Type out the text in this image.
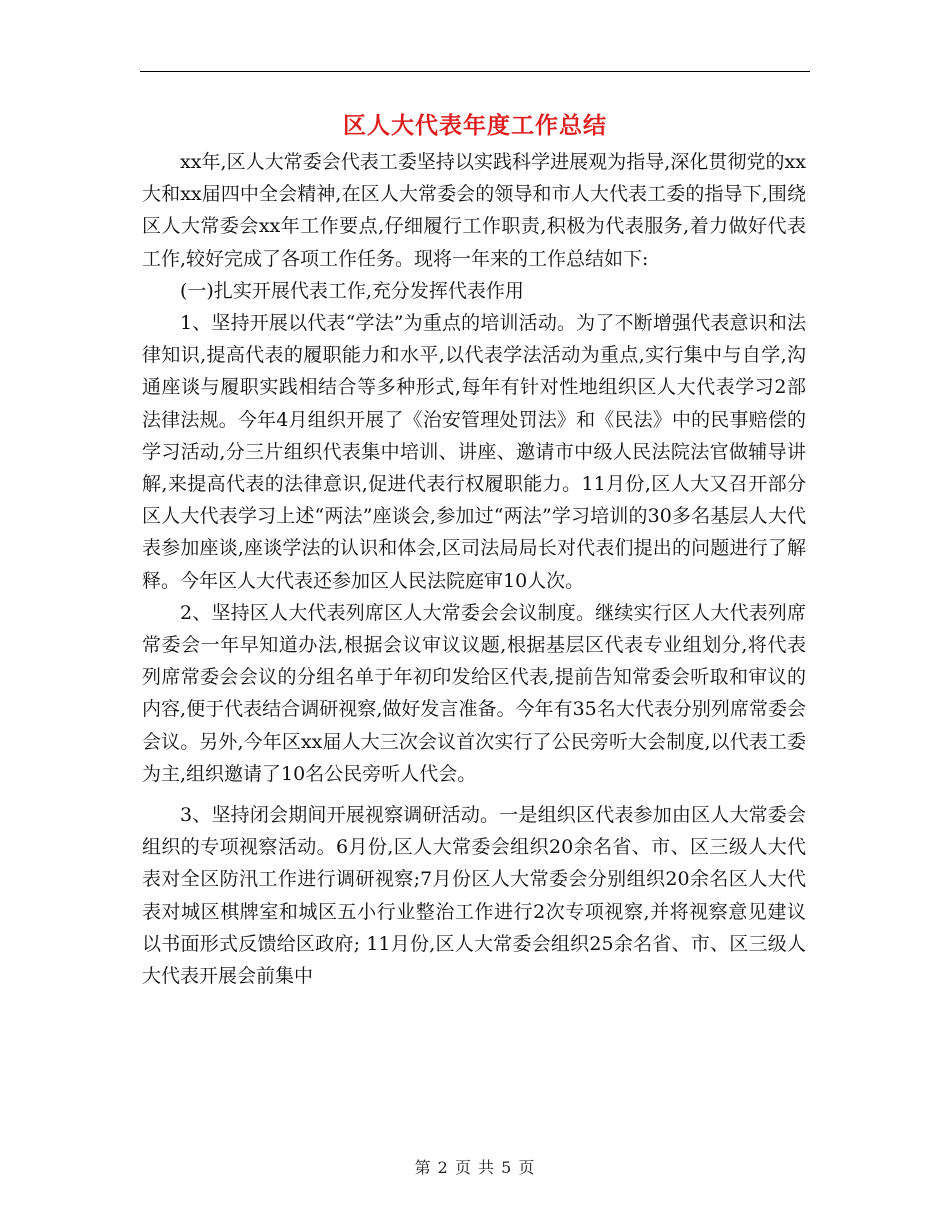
区人大代表年度工作总结

xx年,区人大常委会代表工委坚持以实践科学进展观为指导,深化贯彻党的xx大和xx届四中全会精神,在区人大常委会的领导和市人大代表工委的指导下,围绕区人大常委会xx年工作要点,仔细履行工作职责,积极为代表服务,着力做好代表工作,较好完成了各项工作任务。现将一年来的工作总结如下:

(一)扎实开展代表工作,充分发挥代表作用

1、坚持开展以代表“学法”为重点的培训活动。为了不断增强代表意识和法律知识,提高代表的履职能力和水平,以代表学法活动为重点,实行集中与自学,沟通座谈与履职实践相结合等多种形式,每年有针对性地组织区人大代表学习2部法律法规。今年4月组织开展了《治安管理处罚法》和《民法》中的民事赔偿的学习活动,分三片组织代表集中培训、讲座、邀请市中级人民法院法官做辅导讲解,来提高代表的法律意识,促进代表行权履职能力。11月份,区人大又召开部分区人大代表学习上述“两法”座谈会,参加过“两法”学习培训的30多名基层人大代表参加座谈,座谈学法的认识和体会,区司法局局长对代表们提出的问题进行了解释。今年区人大代表还参加区人民法院庭审10人次。

2、坚持区人大代表列席区人大常委会会议制度。继续实行区人大代表列席常委会一年早知道办法,根据会议审议议题,根据基层区代表专业组划分,将代表列席常委会会议的分组名单于年初印发给区代表,提前告知常委会听取和审议的内容,便于代表结合调研视察,做好发言准备。今年有35名大代表分别列席常委会会议。另外,今年区xx届人大三次会议首次实行了公民旁听大会制度,以代表工委为主,组织邀请了10名公民旁听人代会。

3、坚持闭会期间开展视察调研活动。一是组织区代表参加由区人大常委会组织的专项视察活动。6月份,区人大常委会组织20余名省、市、区三级人大代表对全区防汛工作进行调研视察;7月份区人大常委会分别组织20余名区人大代表对城区棋牌室和城区五小行业整治工作进行2次专项视察,并将视察意见建议以书面形式反馈给区政府; 11月份,区人大常委会组织25余名省、市、区三级人大代表开展会前集中

第 2 页 共 5 页
